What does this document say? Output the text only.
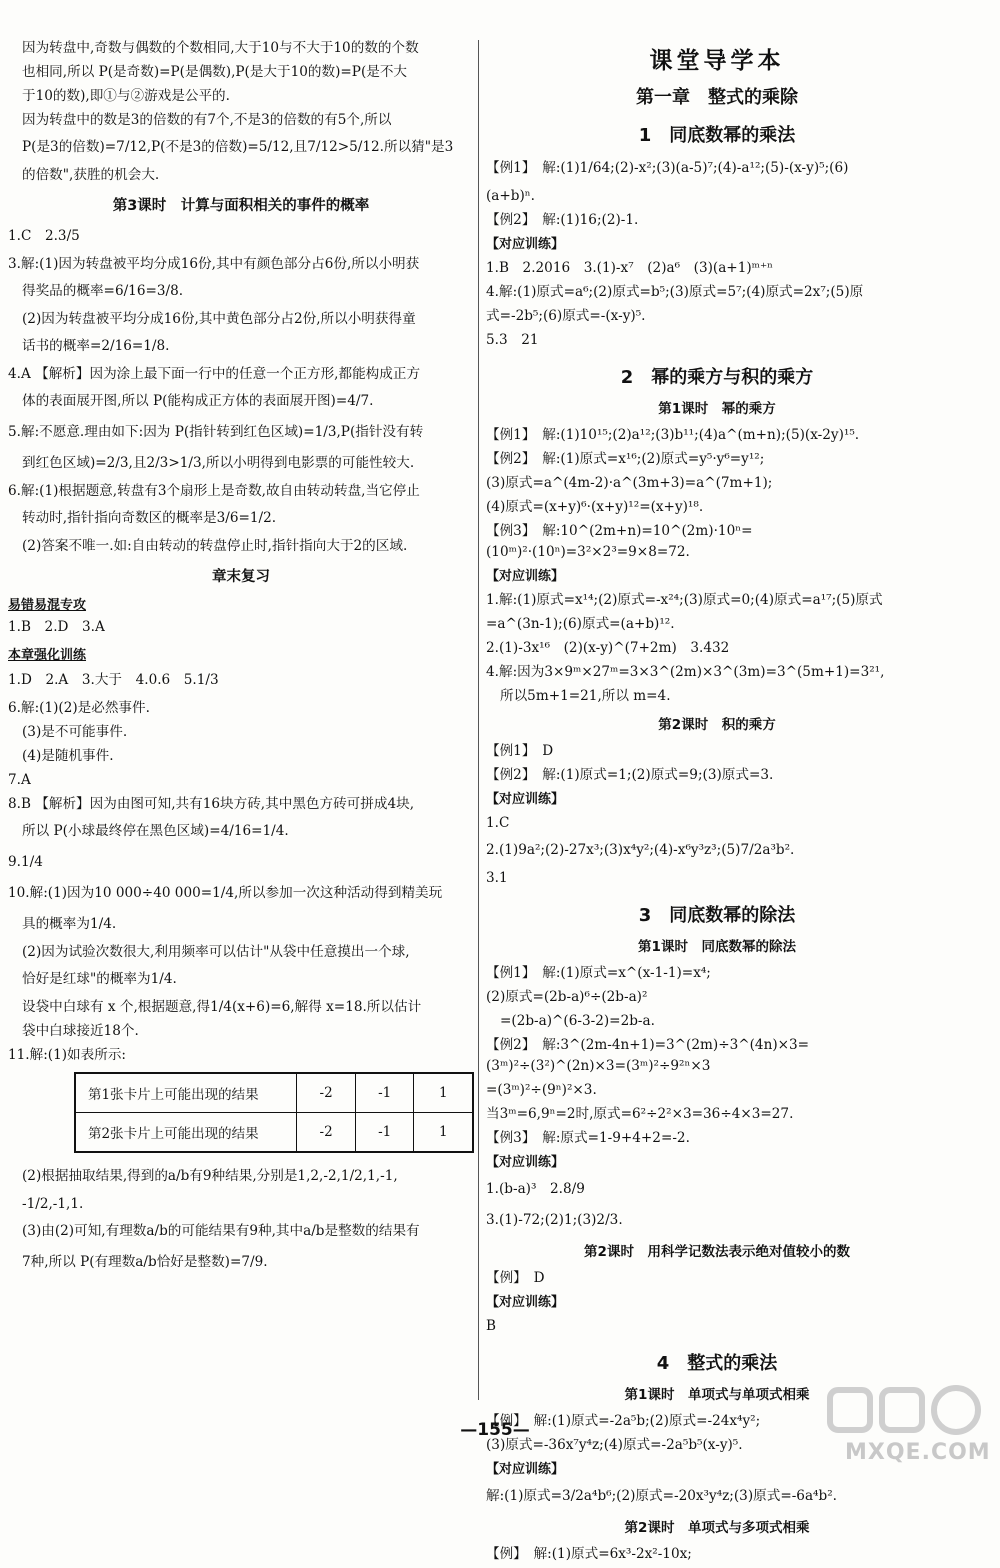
因为转盘中,奇数与偶数的个数相同,大于10与不大于10的数的个数
也相同,所以 P(是奇数)=P(是偶数),P(是大于10的数)=P(是不大
于10的数),即①与②游戏是公平的.
因为转盘中的数是3的倍数的有7个,不是3的倍数的有5个,所以
P(是3的倍数)=7/12,P(不是3的倍数)=5/12,且7/12>5/12.所以猜"是3
的倍数",获胜的机会大.
第3课时　计算与面积相关的事件的概率
1.C　2.3/5
3.解:(1)因为转盘被平均分成16份,其中有颜色部分占6份,所以小明获
得奖品的概率=6/16=3/8.
(2)因为转盘被平均分成16份,其中黄色部分占2份,所以小明获得童
话书的概率=2/16=1/8.
4.A 【解析】因为涂上最下面一行中的任意一个正方形,都能构成正方
体的表面展开图,所以 P(能构成正方体的表面展开图)=4/7.
5.解:不愿意.理由如下:因为 P(指针转到红色区域)=1/3,P(指针没有转
到红色区域)=2/3,且2/3>1/3,所以小明得到电影票的可能性较大.
6.解:(1)根据题意,转盘有3个扇形上是奇数,故自由转动转盘,当它停止
转动时,指针指向奇数区的概率是3/6=1/2.
(2)答案不唯一.如:自由转动的转盘停止时,指针指向大于2的区域.
章末复习
易错易混专攻
1.B　2.D　3.A
本章强化训练
1.D　2.A　3.大于　4.0.6　5.1/3
6.解:(1)(2)是必然事件.
(3)是不可能事件.
(4)是随机事件.
7.A
8.B 【解析】因为由图可知,共有16块方砖,其中黑色方砖可拼成4块,
所以 P(小球最终停在黑色区域)=4/16=1/4.
9.1/4
10.解:(1)因为10 000÷40 000=1/4,所以参加一次这种活动得到精美玩
具的概率为1/4.
(2)因为试验次数很大,利用频率可以估计"从袋中任意摸出一个球,
恰好是红球"的概率为1/4.
设袋中白球有 x 个,根据题意,得1/4(x+6)=6,解得 x=18.所以估计
袋中白球接近18个.
11.解:(1)如表所示:
第1张卡片上可能出现的结果	-2	-1	1
第2张卡片上可能出现的结果	-2	-1	1
(2)根据抽取结果,得到的a/b有9种结果,分别是1,2,-2,1/2,1,-1,
-1/2,-1,1.
(3)由(2)可知,有理数a/b的可能结果有9种,其中a/b是整数的结果有
7种,所以 P(有理数a/b恰好是整数)=7/9.
课堂导学本
第一章　整式的乘除
1　同底数幂的乘法
【例1】　解:(1)1/64;(2)-x²;(3)(a-5)⁷;(4)-a¹²;(5)-(x-y)⁵;(6)
(a+b)ⁿ.
【例2】　解:(1)16;(2)-1.
【对应训练】
1.B　2.2016　3.(1)-x⁷　(2)a⁶　(3)(a+1)ᵐ⁺ⁿ
4.解:(1)原式=a⁶;(2)原式=b⁵;(3)原式=5⁷;(4)原式=2x⁷;(5)原
式=-2b⁵;(6)原式=-(x-y)⁵.
5.3　21
2　幂的乘方与积的乘方
第1课时　幂的乘方
【例1】　解:(1)10¹⁵;(2)a¹²;(3)b¹¹;(4)a^(m+n);(5)(x-2y)¹⁵.
【例2】　解:(1)原式=x¹⁶;(2)原式=y⁵·y⁶=y¹²;
(3)原式=a^(4m-2)·a^(3m+3)=a^(7m+1);
(4)原式=(x+y)⁶·(x+y)¹²=(x+y)¹⁸.
【例3】　解:10^(2m+n)=10^(2m)·10ⁿ=(10ᵐ)²·(10ⁿ)=3²×2³=9×8=72.
【对应训练】
1.解:(1)原式=x¹⁴;(2)原式=-x²⁴;(3)原式=0;(4)原式=a¹⁷;(5)原式
=a^(3n-1);(6)原式=(a+b)¹².
2.(1)-3x¹⁶　(2)(x-y)^(7+2m)　3.432
4.解:因为3×9ᵐ×27ᵐ=3×3^(2m)×3^(3m)=3^(5m+1)=3²¹,
所以5m+1=21,所以 m=4.
第2课时　积的乘方
【例1】　D
【例2】　解:(1)原式=1;(2)原式=9;(3)原式=3.
【对应训练】
1.C
2.(1)9a²;(2)-27x³;(3)x⁴y²;(4)-x⁶y³z³;(5)7/2a³b².
3.1
3　同底数幂的除法
第1课时　同底数幂的除法
【例1】　解:(1)原式=x^(x-1-1)=x⁴;
(2)原式=(2b-a)⁶÷(2b-a)²
=(2b-a)^(6-3-2)=2b-a.
【例2】　解:3^(2m-4n+1)=3^(2m)÷3^(4n)×3=(3ᵐ)²÷(3²)^(2n)×3=(3ᵐ)²÷9²ⁿ×3
=(3ᵐ)²÷(9ⁿ)²×3.
当3ᵐ=6,9ⁿ=2时,原式=6²÷2²×3=36÷4×3=27.
【例3】　解:原式=1-9+4+2=-2.
【对应训练】
1.(b-a)³　2.8/9
3.(1)-72;(2)1;(3)2/3.
第2课时　用科学记数法表示绝对值较小的数
【例】　D
【对应训练】
B
4　整式的乘法
第1课时　单项式与单项式相乘
【例】　解:(1)原式=-2a⁵b;(2)原式=-24x⁴y²;
(3)原式=-36x⁷y⁴z;(4)原式=-2a⁵b⁵(x-y)⁵.
【对应训练】
解:(1)原式=3/2a⁴b⁶;(2)原式=-20x³y⁴z;(3)原式=-6a⁴b².
第2课时　单项式与多项式相乘
【例】　解:(1)原式=6x³-2x²-10x;
—155—
MXQE.COM
